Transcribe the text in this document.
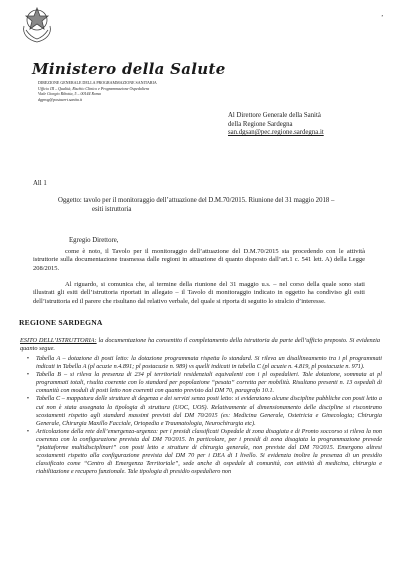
’
Ministero della Salute
DIREZIONE GENERALE DELLA PROGRAMMAZIONE SANITARIA
Ufficio III – Qualità, Rischio Clinico e Programmazione Ospedaliera
Viale Giorgio Ribotta, 5 – 00144 Roma
dgprog@postacert.sanita.it
Al Direttore Generale della Sanità
della Regione Sardegna
san.dgsan@pec.regione.sardegna.it
All 1
Oggetto: tavolo per il monitoraggio dell’attuazione del D.M.70/2015. Riunione del 31 maggio 2018 –
esiti istruttoria
Egregio Direttore,
come è noto, il Tavolo per il monitoraggio dell’attuazione del D.M.70/2015 sta procedendo con le attività istruttorie sulla documentazione trasmessa dalle regioni in attuazione di quanto disposto dall’art.1 c. 541 lett. A) della Legge 208/2015.
Al riguardo, si comunica che, al termine della riunione del 31 maggio u.s. – nel corso della quale sono stati illustrati gli esiti dell’istruttoria riportati in allegato – il Tavolo di monitoraggio indicato in oggetto ha condiviso gli esiti dell’istruttoria ed il parere che risultano dal relativo verbale, del quale si riporta di seguito lo stralcio d’interesse.
REGIONE SARDEGNA
ESITO DELL’ISTRUTTORIA: la documentazione ha consentito il completamento della istruttoria da parte dell’ufficio preposto. Si evidenzia quanto segue.
•	Tabella A – dotazione di posti letto: la dotazione programmata rispetta lo standard. Si rileva un disallineamento tra i pl programmati indicati in Tabella A (pl acuzie n.4.891; pl postacuzie n. 989) vs quelli indicati in tabella C (pl acuzie n. 4.819, pl postacuzie n. 971).
•	Tabella B – si rileva la presenza di 234 pl territoriali residenziali equivalenti con i pl ospedalieri. Tale dotazione, sommata ai pl programmati totali, risulta coerente con lo standard per popolazione “pesata” corretta per mobilità. Risultano presenti n. 13 ospedali di comunità con moduli di posti letto non coerenti con quanto previsto dal DM 70, paragrafo 10.1.
•	Tabella C – mappatura delle strutture di degenza e dei servizi senza posti letto: si evidenziano alcune discipline pubbliche con posti letto a cui non è stata assegnata la tipologia di struttura (UOC, UOS). Relativamente al dimensionamento delle discipline si riscontrano scostamenti rispetto agli standard massimi previsti dal DM 70/2015 (es: Medicina Generale, Ostetricia e Ginecologia; Chirurgia Generale, Chirurgia Maxillo Facciale, Ortopedia e Traumatologia, Neurochirurgia etc).
•	Articolazione della rete dell’emergenza-urgenza: per i presidi classificati Ospedale di zona disagiata e di Pronto soccorso si rileva la non coerenza con la configurazione prevista dal DM 70/2015. In particolare, per i presidi di zona disagiata la programmazione prevede “piattaforme multidisciplinari” con posti letto e strutture di chirurgia generale, non previste dal DM 70/2015. Emergono altresi scostamenti rispetto alla configurazione prevista dal DM 70 per i DEA di I livello. Si evidenzia inoltre la presenza di un presidio classificato come “Centro di Emergenza Territoriale”, sede anche di ospedale di comunità, con attività di medicina, chirurgia e riabilitazione e recupero funzionale. Tale tipologia di presidio ospedaliero non
